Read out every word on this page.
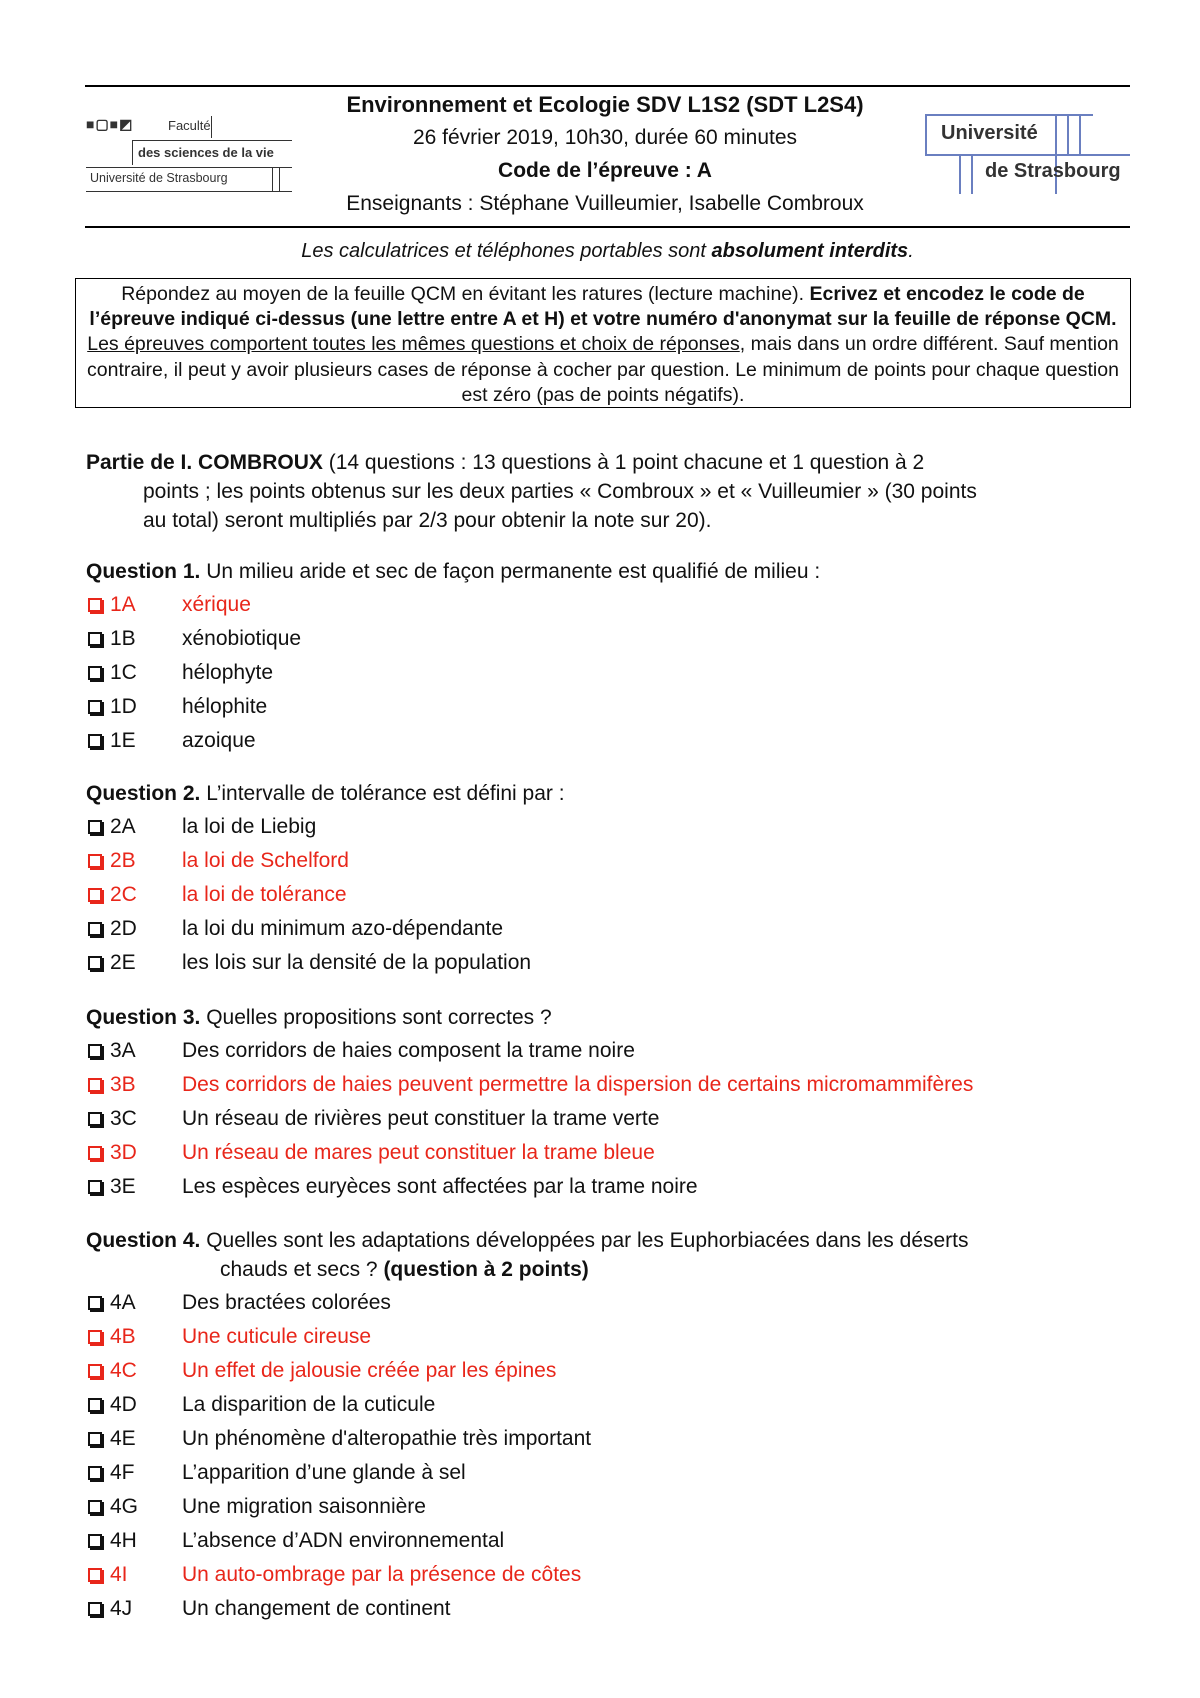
■▢■◩	Faculté
des sciences de la vie
Université de Strasbourg
Environnement et Ecologie SDV L1S2 (SDT L2S4)
26 février 2019, 10h30, durée 60 minutes
Code de l’épreuve : A
Enseignants : Stéphane Vuilleumier, Isabelle Combroux
Université
de Strasbourg
Les calculatrices et téléphones portables sont absolument interdits.
Répondez au moyen de la feuille QCM en évitant les ratures (lecture machine). Ecrivez et encodez le code de l’épreuve indiqué ci-dessus (une lettre entre A et H) et votre numéro d'anonymat sur la feuille de réponse QCM. Les épreuves comportent toutes les mêmes questions et choix de réponses, mais dans un ordre différent. Sauf mention contraire, il peut y avoir plusieurs cases de réponse à cocher par question. Le minimum de points pour chaque question est zéro (pas de points négatifs).
Partie de I. COMBROUX (14 questions : 13 questions à 1 point chacune et 1 question à 2
points ; les points obtenus sur les deux parties « Combroux » et « Vuilleumier » (30 points
au total) seront multipliés par 2/3 pour obtenir la note sur 20).
Question 1. Un milieu aride et sec de façon permanente est qualifié de milieu :
1A xérique
1B xénobiotique
1C hélophyte
1D hélophite
1E azoique
Question 2. L’intervalle de tolérance est défini par :
2A la loi de Liebig
2B la loi de Schelford
2C la loi de tolérance
2D la loi du minimum azo-dépendante
2E les lois sur la densité de la population
Question 3. Quelles propositions sont correctes ?
3A Des corridors de haies composent la trame noire
3B Des corridors de haies peuvent permettre la dispersion de certains micromammifères
3C Un réseau de rivières peut constituer la trame verte
3D Un réseau de mares peut constituer la trame bleue
3E Les espèces euryèces sont affectées par la trame noire
Question 4. Quelles sont les adaptations développées par les Euphorbiacées dans les déserts
chauds et secs ? (question à 2 points)
4A Des bractées colorées
4B Une cuticule cireuse
4C Un effet de jalousie créée par les épines
4D La disparition de la cuticule
4E Un phénomène d'alteropathie très important
4F L’apparition d’une glande à sel
4G Une migration saisonnière
4H L’absence d’ADN environnemental
4I	Un auto-ombrage par la présence de côtes
4J Un changement de continent
